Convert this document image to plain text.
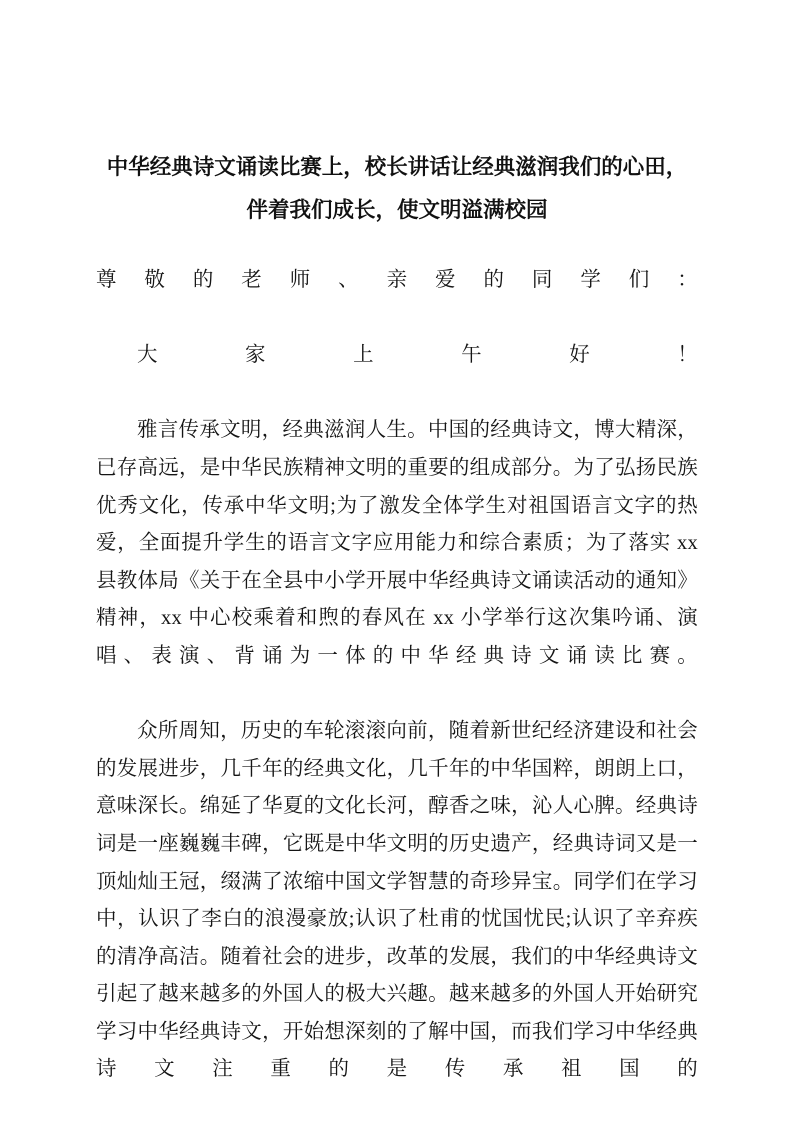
中华经典诗文诵读比赛上，校长讲话让经典滋润我们的心田，
伴着我们成长，使文明溢满校园

尊敬的老师、亲爱的同学们：

大家上午好！

雅言传承文明，经典滋润人生。中国的经典诗文，博大精深，已存高远，是中华民族精神文明的重要的组成部分。为了弘扬民族优秀文化，传承中华文明;为了激发全体学生对祖国语言文字的热爱，全面提升学生的语言文字应用能力和综合素质；为了落实 xx 县教体局《关于在全县中小学开展中华经典诗文诵读活动的通知》精神，xx 中心校乘着和煦的春风在 xx 小学举行这次集吟诵、演唱、表演、背诵为一体的中华经典诗文诵读比赛。

众所周知，历史的车轮滚滚向前，随着新世纪经济建设和社会的发展进步，几千年的经典文化，几千年的中华国粹，朗朗上口，意味深长。绵延了华夏的文化长河，醇香之味，沁人心脾。经典诗词是一座巍巍丰碑，它既是中华文明的历史遗产，经典诗词又是一顶灿灿王冠，缀满了浓缩中国文学智慧的奇珍异宝。同学们在学习中，认识了李白的浪漫豪放;认识了杜甫的忧国忧民;认识了辛弃疾的清净高洁。随着社会的进步，改革的发展，我们的中华经典诗文引起了越来越多的外国人的极大兴趣。越来越多的外国人开始研究学习中华经典诗文，开始想深刻的了解中国，而我们学习中华经典诗文注重的是传承祖国的
